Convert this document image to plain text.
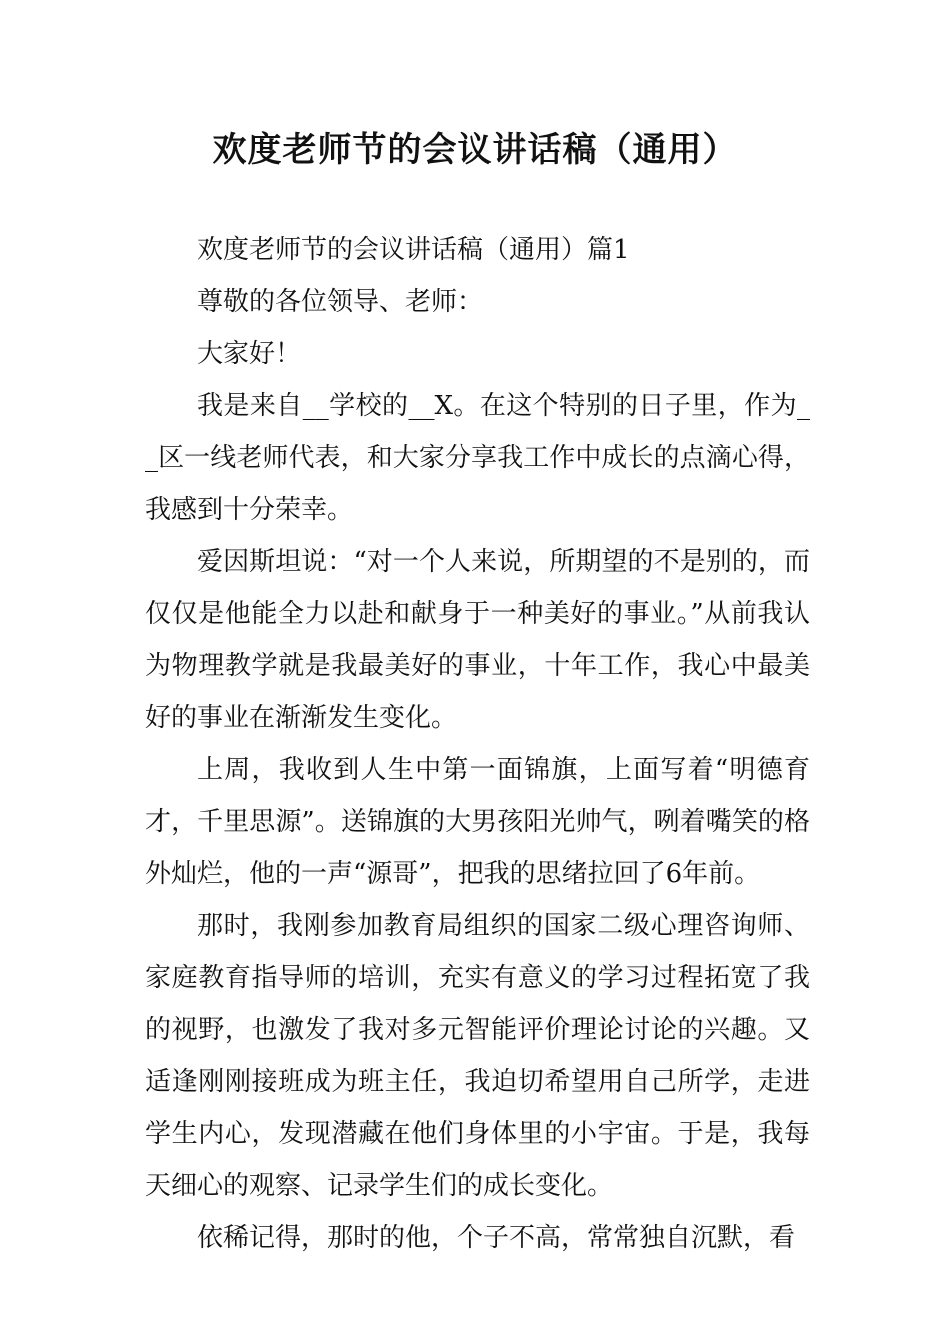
欢度老师节的会议讲话稿（通用）

欢度老师节的会议讲话稿（通用）篇1

尊敬的各位领导、老师：

大家好！

我是来自__学校的__X。在这个特别的日子里，作为__区一线老师代表，和大家分享我工作中成长的点滴心得，我感到十分荣幸。

爱因斯坦说：“对一个人来说，所期望的不是别的，而仅仅是他能全力以赴和献身于一种美好的事业。”从前我认为物理教学就是我最美好的事业，十年工作，我心中最美好的事业在渐渐发生变化。

上周，我收到人生中第一面锦旗，上面写着“明德育才，千里思源”。送锦旗的大男孩阳光帅气，咧着嘴笑的格外灿烂，他的一声“源哥”，把我的思绪拉回了6年前。

那时，我刚参加教育局组织的国家二级心理咨询师、家庭教育指导师的培训，充实有意义的学习过程拓宽了我的视野，也激发了我对多元智能评价理论讨论的兴趣。又适逢刚刚接班成为班主任，我迫切希望用自己所学，走进学生内心，发现潜藏在他们身体里的小宇宙。于是，我每天细心的观察、记录学生们的成长变化。

依稀记得，那时的他，个子不高，常常独自沉默，看
